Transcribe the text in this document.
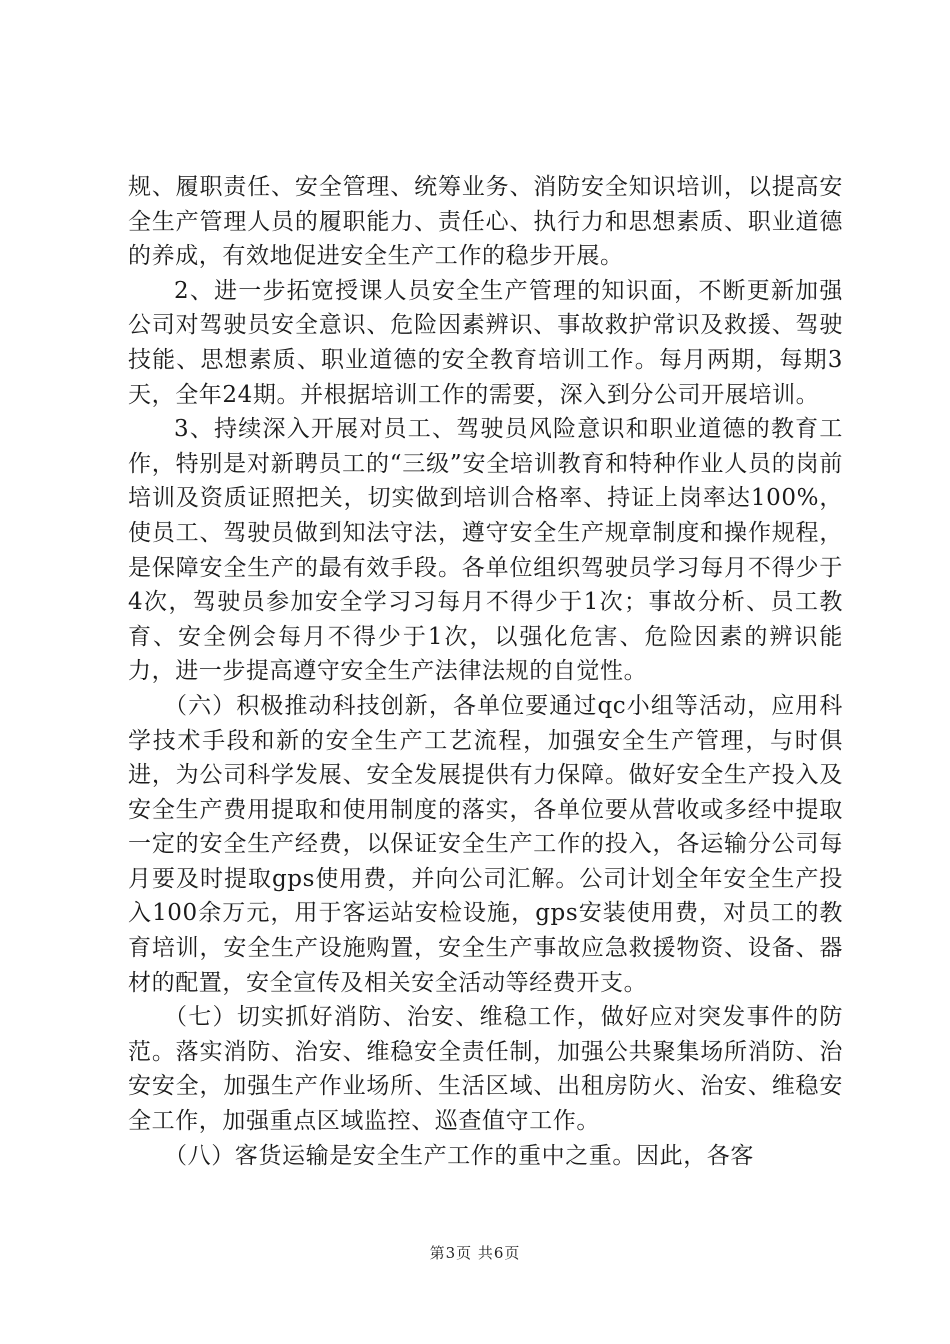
规、履职责任、安全管理、统筹业务、消防安全知识培训，以提高安全生产管理人员的履职能力、责任心、执行力和思想素质、职业道德的养成，有效地促进安全生产工作的稳步开展。

2、进一步拓宽授课人员安全生产管理的知识面，不断更新加强公司对驾驶员安全意识、危险因素辨识、事故救护常识及救援、驾驶技能、思想素质、职业道德的安全教育培训工作。每月两期，每期3天，全年24期。并根据培训工作的需要，深入到分公司开展培训。

3、持续深入开展对员工、驾驶员风险意识和职业道德的教育工作，特别是对新聘员工的“三级”安全培训教育和特种作业人员的岗前培训及资质证照把关，切实做到培训合格率、持证上岗率达100%，使员工、驾驶员做到知法守法，遵守安全生产规章制度和操作规程，是保障安全生产的最有效手段。各单位组织驾驶员学习每月不得少于4次，驾驶员参加安全学习习每月不得少于1次；事故分析、员工教育、安全例会每月不得少于1次，以强化危害、危险因素的辨识能力，进一步提高遵守安全生产法律法规的自觉性。

（六）积极推动科技创新，各单位要通过qc小组等活动，应用科学技术手段和新的安全生产工艺流程，加强安全生产管理，与时俱进，为公司科学发展、安全发展提供有力保障。做好安全生产投入及安全生产费用提取和使用制度的落实，各单位要从营收或多经中提取一定的安全生产经费，以保证安全生产工作的投入，各运输分公司每月要及时提取gps使用费，并向公司汇解。公司计划全年安全生产投入100余万元，用于客运站安检设施，gps安装使用费，对员工的教育培训，安全生产设施购置，安全生产事故应急救援物资、设备、器材的配置，安全宣传及相关安全活动等经费开支。

（七）切实抓好消防、治安、维稳工作，做好应对突发事件的防范。落实消防、治安、维稳安全责任制，加强公共聚集场所消防、治安安全，加强生产作业场所、生活区域、出租房防火、治安、维稳安全工作，加强重点区域监控、巡查值守工作。

（八）客货运输是安全生产工作的重中之重。因此，各客

第3页 共6页
